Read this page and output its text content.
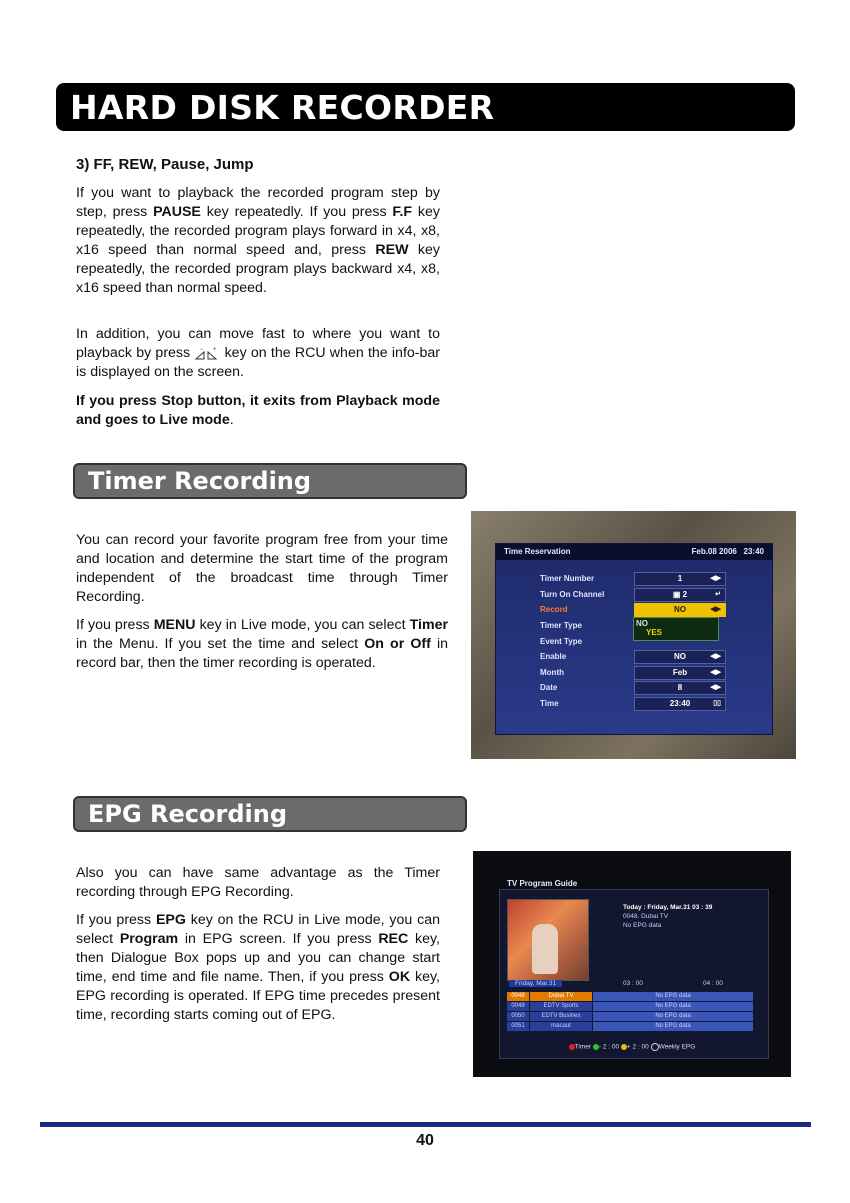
HARD DISK RECORDER
3) FF, REW, Pause, Jump

If you want to playback the recorded program step by step, press PAUSE key repeatedly. If you press F.F key repeatedly, the recorded program plays forward in x4, x8, x16 speed than normal speed and, press REW key repeatedly, the recorded program plays backward x4, x8, x16 speed than normal speed.

In addition, you can move fast to where you want to playback by press − + key on the RCU when the info-bar is displayed on the screen.

If you press Stop button, it exits from Playback mode and goes to Live mode.

Timer Recording

You can record your favorite program free from your time and location and determine the start time of the program independent of the broadcast time through Timer Recording.

If you press MENU key in Live mode, you can select Timer in the Menu. If you set the time and select On or Off in record bar, then the timer recording is operated.

Time Reservation	Feb.08 2006 23:40
Timer Number	1	◀▶
Turn On Channel	▣ 2	↵
Record	NO	◀▶
Timer Type
Event Type
Enable	NO	◀▶
Month	Feb	◀▶
Date	8	◀▶
Time	23:40	▯▯
NO
YES
EPG Recording

Also you can have same advantage as the Timer recording through EPG Recording.

If you press EPG key on the RCU in Live mode, you can select Program in EPG screen. If you press REC key, then Dialogue Box pops up and you can change start time, end time and file name. Then, if you press OK key, EPG recording is operated. If EPG time precedes present time, recording starts coming out of EPG.

TV Program Guide
Today : Friday, Mar.31 03 : 39
0048. Dubai TV
No EPG data
Friday, Mar.31	03 : 00	04 : 00
0048	Dubai TV	No EPG data
0049	EDTV Sports	No EPG data
0050	EDTV Busines	No EPG data
0051	macaut	No EPG data
Timer - 2 : 00 + 2 : 00 Weekly EPG
40
